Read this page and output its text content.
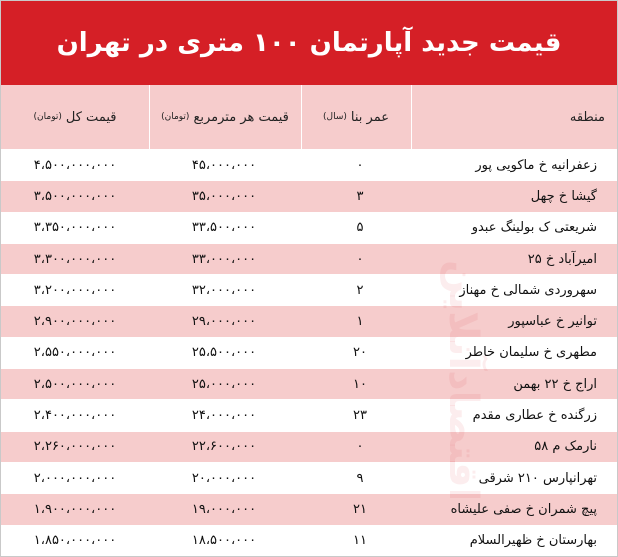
قیمت جدید آپارتمان ۱۰۰ متری در تهران
منطقه
عمر بنا
(سال)
قیمت هر مترمربع
(تومان)
قیمت کل
(تومان)
زعفرانیه خ ماکویی پور
۰
۴۵،۰۰۰،۰۰۰
۴،۵۰۰،۰۰۰،۰۰۰
گیشا خ چهل
۳
۳۵،۰۰۰،۰۰۰
۳،۵۰۰،۰۰۰،۰۰۰
شریعتی ک بولینگ عبدو
۵
۳۳،۵۰۰،۰۰۰
۳،۳۵۰،۰۰۰،۰۰۰
امیرآباد خ ۲۵
۰
۳۳،۰۰۰،۰۰۰
۳،۳۰۰،۰۰۰،۰۰۰
سهروردی شمالی خ مهناز
۲
۳۲،۰۰۰،۰۰۰
۳،۲۰۰،۰۰۰،۰۰۰
توانیر خ عباسپور
۱
۲۹،۰۰۰،۰۰۰
۲،۹۰۰،۰۰۰،۰۰۰
مطهری خ سلیمان خاطر
۲۰
۲۵،۵۰۰،۰۰۰
۲،۵۵۰،۰۰۰،۰۰۰
اراج خ ۲۲ بهمن
۱۰
۲۵،۰۰۰،۰۰۰
۲،۵۰۰،۰۰۰،۰۰۰
زرگنده خ عطاری مقدم
۲۳
۲۴،۰۰۰،۰۰۰
۲،۴۰۰،۰۰۰،۰۰۰
نارمک م ۵۸
۰
۲۲،۶۰۰،۰۰۰
۲،۲۶۰،۰۰۰،۰۰۰
تهرانپارس ۲۱۰ شرقی
۹
۲۰،۰۰۰،۰۰۰
۲،۰۰۰،۰۰۰،۰۰۰
پیچ شمران خ صفی علیشاه
۲۱
۱۹،۰۰۰،۰۰۰
۱،۹۰۰،۰۰۰،۰۰۰
بهارستان خ ظهیرالسلام
۱۱
۱۸،۵۰۰،۰۰۰
۱،۸۵۰،۰۰۰،۰۰۰
